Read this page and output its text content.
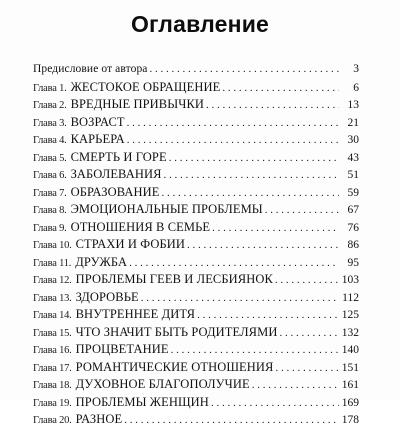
Оглавление
Предисловие от автора . . .	3
Глава 1. ЖЕСТОКОЕ ОБРАЩЕНИЕ . . .	6
Глава 2. ВРЕДНЫЕ ПРИВЫЧКИ . . .	13
Глава 3. ВОЗРАСТ . . .	21
Глава 4. КАРЬЕРА . . .	30
Глава 5. СМЕРТЬ И ГОРЕ . . .	43
Глава 6. ЗАБОЛЕВАНИЯ . . .	51
Глава 7. ОБРАЗОВАНИЕ . . .	59
Глава 8. ЭМОЦИОНАЛЬНЫЕ ПРОБЛЕМЫ . . .	67
Глава 9. ОТНОШЕНИЯ В СЕМЬЕ . . .	76
Глава 10. СТРАХИ И ФОБИИ . . .	86
Глава 11. ДРУЖБА . . .	95
Глава 12. ПРОБЛЕМЫ ГЕЕВ И ЛЕСБИЯНОК . . .	103
Глава 13. ЗДОРОВЬЕ . . .	112
Глава 14. ВНУТРЕННЕЕ ДИТЯ . . .	125
Глава 15. ЧТО ЗНАЧИТ БЫТЬ РОДИТЕЛЯМИ . . .	132
Глава 16. ПРОЦВЕТАНИЕ . . .	140
Глава 17. РОМАНТИЧЕСКИЕ ОТНОШЕНИЯ . . .	151
Глава 18. ДУХОВНОЕ БЛАГОПОЛУЧИЕ . . .	161
Глава 19. ПРОБЛЕМЫ ЖЕНЩИН . . .	169
Глава 20. РАЗНОЕ . . .	178
